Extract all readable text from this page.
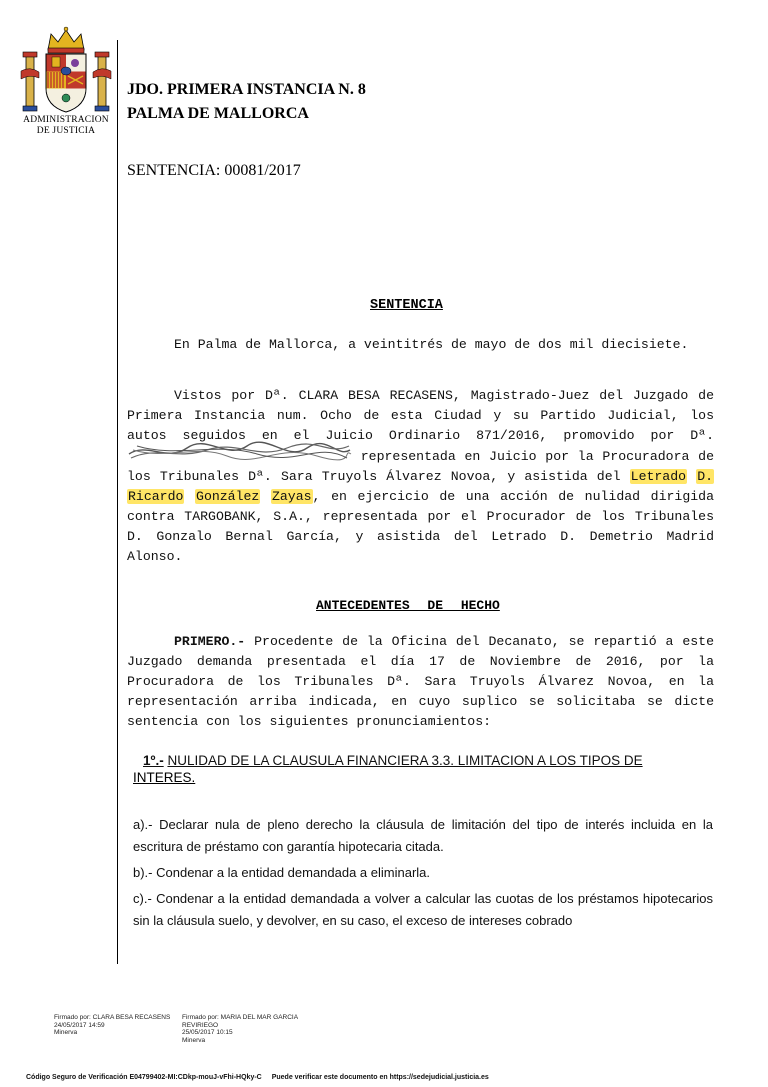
ADMINISTRACION
DE JUSTICIA
JDO. PRIMERA INSTANCIA N. 8
PALMA DE MALLORCA
SENTENCIA: 00081/2017
SENTENCIA
En Palma de Mallorca, a veintitrés de mayo de dos mil diecisiete.
Vistos por Dª. CLARA BESA RECASENS, Magistrado-Juez del Juzgado de Primera Instancia num. Ocho de esta Ciudad y su Partido Judicial, los autos seguidos en el Juicio Ordinario 871/2016, promovido por Dª.
representada en Juicio por la Procuradora de los Tribunales Dª. Sara Truyols Álvarez Novoa, y asistida del Letrado D. Ricardo González Zayas, en ejercicio de una acción de nulidad dirigida contra TARGOBANK, S.A., representada por el Procurador de los Tribunales D. Gonzalo Bernal García, y asistida del Letrado D. Demetrio Madrid Alonso.
ANTECEDENTES DE HECHO
PRIMERO.- Procedente de la Oficina del Decanato, se repartió a este Juzgado demanda presentada el día 17 de Noviembre de 2016, por la Procuradora de los Tribunales Dª. Sara Truyols Álvarez Novoa, en la representación arriba indicada, en cuyo suplico se solicitaba se dicte sentencia con los siguientes pronunciamientos:
1º.- NULIDAD DE LA CLAUSULA FINANCIERA 3.3. LIMITACION A LOS TIPOS DE
INTERES.
a).- Declarar nula de pleno derecho la cláusula de limitación del tipo de interés incluida en la escritura de préstamo con garantía hipotecaria citada.
b).- Condenar a la entidad demandada a eliminarla.
c).- Condenar a la entidad demandada a volver a calcular las cuotas de los préstamos hipotecarios sin la cláusula suelo, y devolver, en su caso, el exceso de intereses cobrado
Firmado por: CLARA BESA RECASENS
24/05/2017 14:59
Minerva
Firmado por: MARIA DEL MAR GARCIA
REVIRIEGO
25/05/2017 10:15
Minerva
Código Seguro de Verificación E04799402-MI:CDkp-mouJ-vFhi-HQky-C Puede verificar este documento en https://sedejudicial.justicia.es
